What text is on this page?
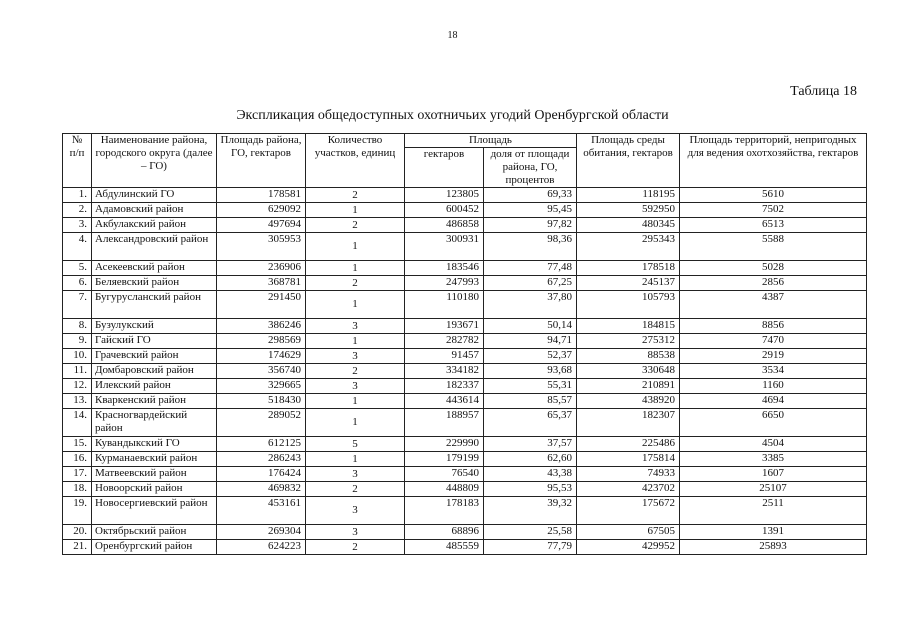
18
Таблица 18
Экспликация общедоступных охотничьих угодий Оренбургской области
№ п/п	Наименование района, городского округа (далее – ГО)	Площадь района, ГО, гектаров	Количество участков, единиц	Площадь		Площадь среды обитания, гектаров	Площадь территорий, непригодных для ведения охотхозяйства, гектаров
				гектаров	доля от площади района, ГО, процентов		
1.	Абдулинский ГО	178581	2	123805	69,33	118195	5610
2.	Адамовский район	629092	1	600452	95,45	592950	7502
3.	Акбулакский район	497694	2	486858	97,82	480345	6513
4.	Александровский район	305953	1	300931	98,36	295343	5588
5.	Асекеевский район	236906	1	183546	77,48	178518	5028
6.	Беляевский район	368781	2	247993	67,25	245137	2856
7.	Бугурусланский район	291450	1	110180	37,80	105793	4387
8.	Бузулукский	386246	3	193671	50,14	184815	8856
9.	Гайский ГО	298569	1	282782	94,71	275312	7470
10.	Грачевский район	174629	3	91457	52,37	88538	2919
11.	Домбаровский район	356740	2	334182	93,68	330648	3534
12.	Илекский район	329665	3	182337	55,31	210891	1160
13.	Кваркенский район	518430	1	443614	85,57	438920	4694
14.	Красногвардейский район	289052	1	188957	65,37	182307	6650
15.	Кувандыкский ГО	612125	5	229990	37,57	225486	4504
16.	Курманаевский район	286243	1	179199	62,60	175814	3385
17.	Матвеевский район	176424	3	76540	43,38	74933	1607
18.	Новоорский район	469832	2	448809	95,53	423702	25107
19.	Новосергиевский район	453161	3	178183	39,32	175672	2511
20.	Октябрьский район	269304	3	68896	25,58	67505	1391
21.	Оренбургский район	624223	2	485559	77,79	429952	25893
